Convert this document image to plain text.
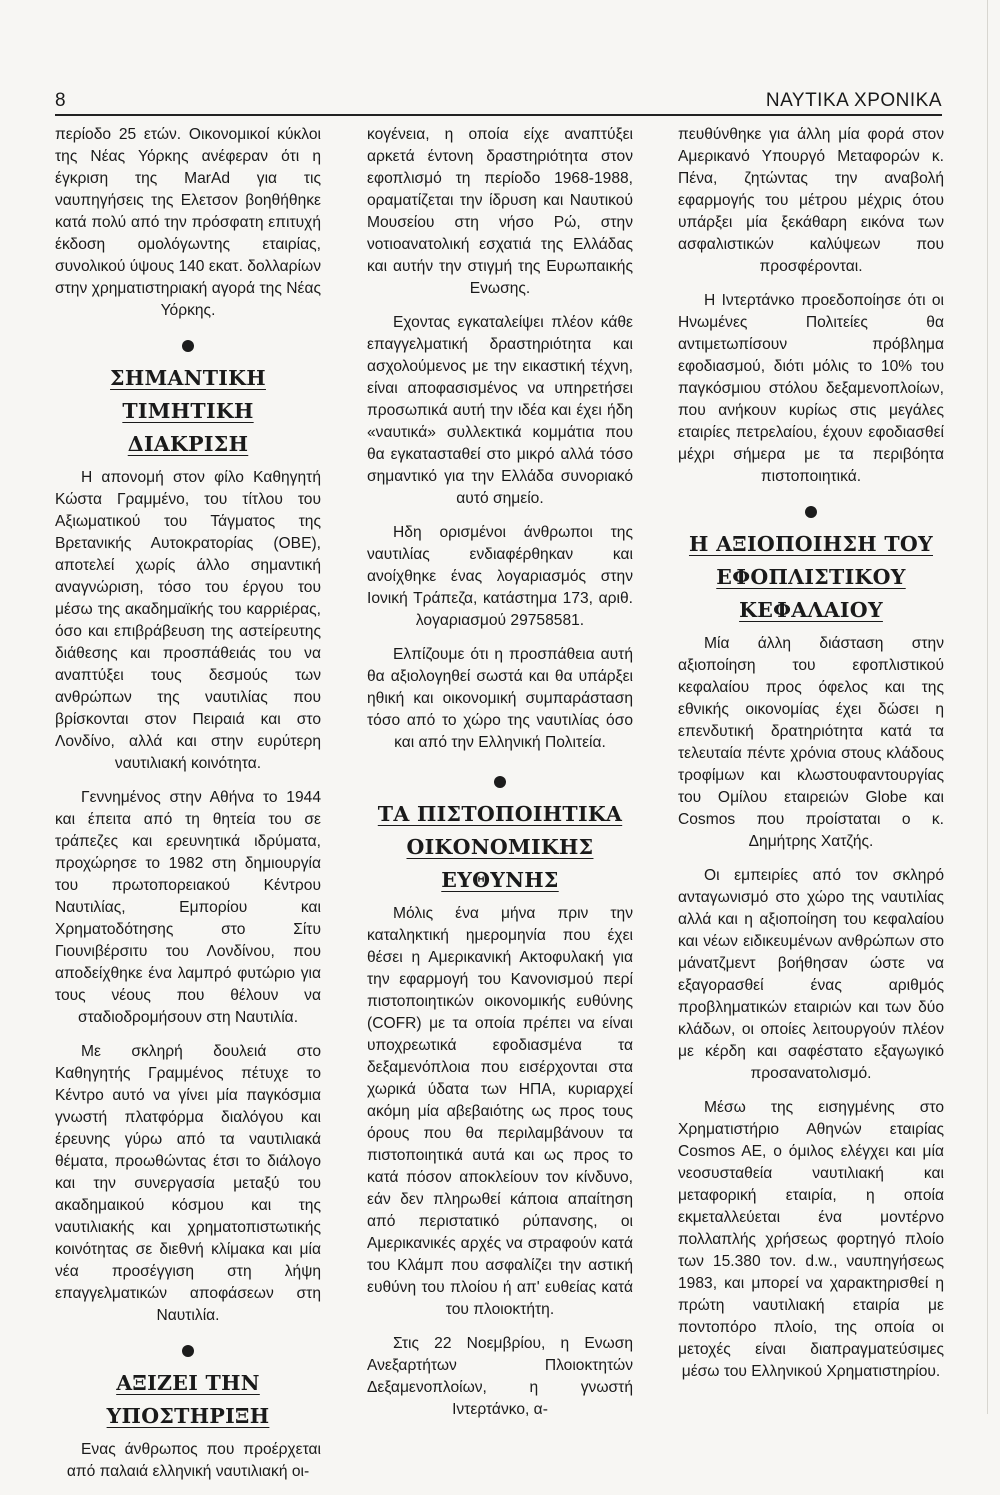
8	ΝΑΥΤΙΚΑ ΧΡΟΝΙΚΑ

περίοδο 25 ετών. Οικονομικοί κύκλοι της Νέας Υόρκης ανέφεραν ότι η έγκριση της MarAd για τις ναυπηγήσεις της Ελετσον βοηθήθηκε κατά πολύ από την πρόσφατη επιτυχή έκδοση ομολόγωντης εταιρίας, συνολικού ύψους 140 εκατ. δολλαρίων στην χρηματιστηριακή αγορά της Νέας Υόρκης.

ΣΗΜΑΝΤΙΚΗ ΤΙΜΗΤΙΚΗ
ΔΙΑΚΡΙΣΗ

Η απονομή στον φίλο Καθηγητή Κώστα Γραμμένο, του τίτλου του Αξιωματικού του Τάγματος της Βρετανικής Αυτοκρατορίας (ΟΒΕ), αποτελεί χωρίς άλλο σημαντική αναγνώριση, τόσο του έργου του μέσω της ακαδημαϊκής του καρριέρας, όσο και επιβράβευση της αστείρευτης διάθεσης και προσπάθειάς του να αναπτύξει τους δεσμούς των ανθρώπων της ναυτιλίας που βρίσκονται στον Πειραιά και στο Λονδίνο, αλλά και στην ευρύτερη ναυτιλιακή κοινότητα.

Γεννημένος στην Αθήνα το 1944 και έπειτα από τη θητεία του σε τράπεζες και ερευνητικά ιδρύματα, προχώρησε το 1982 στη δημιουργία του πρωτοπορειακού Κέντρου Ναυτιλίας, Εμπορίου και Χρηματοδότησης στο Σίτυ Γιουνιβέρσιτυ του Λονδίνου, που αποδείχθηκε ένα λαμπρό φυτώριο για τους νέους που θέλουν να σταδιοδρομήσουν στη Ναυτιλία.

Με σκληρή δουλειά στο Καθηγητής Γραμμένος πέτυχε το Κέντρο αυτό να γίνει μία παγκόσμια γνωστή πλατφόρμα διαλόγου και έρευνης γύρω από τα ναυτιλιακά θέματα, προωθώντας έτσι το διάλογο και την συνεργασία μεταξύ του ακαδημαικού κόσμου και της ναυτιλιακής και χρηματοπιστωτικής κοινότητας σε διεθνή κλίμακα και μία νέα προσέγγιση στη λήψη επαγγελματικών αποφάσεων στη Ναυτιλία.

ΑΞΙΖΕΙ ΤΗΝ ΥΠΟΣΤΗΡΙΞΗ

Ενας άνθρωπος που προέρχεται από παλαιά ελληνική ναυτιλιακή οι-

κογένεια, η οποία είχε αναπτύξει αρκετά έντονη δραστηριότητα στον εφοπλισμό τη περίοδο 1968-1988, οραματίζεται την ίδρυση και Ναυτικού Μουσείου στη νήσο Ρώ, στην νοτιοανατολική εσχατιά της Ελλάδας και αυτήν την στιγμή της Ευρωπαικής Ενωσης.

Εχοντας εγκαταλείψει πλέον κάθε επαγγελματική δραστηριότητα και ασχολούμενος με την εικαστική τέχνη, είναι αποφασισμένος να υπηρετήσει προσωπικά αυτή την ιδέα και έχει ήδη «ναυτικά» συλλεκτικά κομμάτια που θα εγκατασταθεί στο μικρό αλλά τόσο σημαντικό για την Ελλάδα συνοριακό αυτό σημείο.

Ηδη ορισμένοι άνθρωποι της ναυτιλίας ενδιαφέρθηκαν και ανοίχθηκε ένας λογαριασμός στην Ιονική Τράπεζα, κατάστημα 173, αριθ. λογαριασμού 29758581.

Ελπίζουμε ότι η προσπάθεια αυτή θα αξιολογηθεί σωστά και θα υπάρξει ηθική και οικονομική συμπαράσταση τόσο από το χώρο της ναυτιλίας όσο και από την Ελληνική Πολιτεία.

ΤΑ ΠΙΣΤΟΠΟΙΗΤΙΚΑ
ΟΙΚΟΝΟΜΙΚΗΣ ΕΥΘΥΝΗΣ

Μόλις ένα μήνα πριν την καταληκτική ημερομηνία που έχει θέσει η Αμερικανική Ακτοφυλακή για την εφαρμογή του Κανονισμού περί πιστοποιητικών οικονομικής ευθύνης (COFR) με τα οποία πρέπει να είναι υποχρεωτικά εφοδιασμένα τα δεξαμενόπλοια που εισέρχονται στα χωρικά ύδατα των ΗΠΑ, κυριαρχεί ακόμη μία αβεβαιότης ως προς τους όρους που θα περιλαμβάνουν τα πιστοποιητικά αυτά και ως προς το κατά πόσον αποκλείουν τον κίνδυνο, εάν δεν πληρωθεί κάποια απαίτηση από περιστατικό ρύπανσης, οι Αμερικανικές αρχές να στραφούν κατά του Κλάμπ που ασφαλίζει την αστική ευθύνη του πλοίου ή απ' ευθείας κατά του πλοιοκτήτη.

Στις 22 Νοεμβρίου, η Ενωση Ανεξαρτήτων Πλοιοκτητών Δεξαμενοπλοίων, η γνωστή Ιντερτάνκο, α-

πευθύνθηκε για άλλη μία φορά στον Αμερικανό Υπουργό Μεταφορών κ. Πένα, ζητώντας την αναβολή εφαρμογής του μέτρου μέχρις ότου υπάρξει μία ξεκάθαρη εικόνα των ασφαλιστικών καλύψεων που προσφέρονται.

Η Ιντερτάνκο προεδοποίησε ότι οι Ηνωμένες Πολιτείες θα αντιμετωπίσουν πρόβλημα εφοδιασμού, διότι μόλις το 10% του παγκόσμιου στόλου δεξαμενοπλοίων, που ανήκουν κυρίως στις μεγάλες εταιρίες πετρελαίου, έχουν εφοδιασθεί μέχρι σήμερα με τα περιβόητα πιστοποιητικά.

Η ΑΞΙΟΠΟΙΗΣΗ ΤΟΥ
ΕΦΟΠΛΙΣΤΙΚΟΥ
ΚΕΦΑΛΑΙΟΥ

Μία άλλη διάσταση στην αξιοποίηση του εφοπλιστικού κεφαλαίου προς όφελος και της εθνικής οικονομίας έχει δώσει η επενδυτική δρατηριότητα κατά τα τελευταία πέντε χρόνια στους κλάδους τροφίμων και κλωστουφαντουργίας του Ομίλου εταιρειών Globe και Cosmos που προίσταται ο κ. Δημήτρης Χατζής.

Οι εμπειρίες από τον σκληρό ανταγωνισμό στο χώρο της ναυτιλίας αλλά και η αξιοποίηση του κεφαλαίου και νέων ειδικευμένων ανθρώπων στο μάνατζμεντ βοήθησαν ώστε να εξαγορασθεί ένας αριθμός προβληματικών εταιριών και των δύο κλάδων, οι οποίες λειτουργούν πλέον με κέρδη και σαφέστατο εξαγωγικό προσανατολισμό.

Μέσω της εισηγμένης στο Χρηματιστήριο Αθηνών εταιρίας Cosmos AE, ο όμιλος ελέγχει και μία νεοσυσταθεία ναυτιλιακή και μεταφορική εταιρία, η οποία εκμεταλλεύεται ένα μοντέρνο πολλαπλής χρήσεως φορτηγό πλοίο των 15.380 τον. d.w., ναυπηγήσεως 1983, και μπορεί να χαρακτηρισθεί η πρώτη ναυτιλιακή εταιρία με ποντοπόρο πλοίο, της οποία οι μετοχές είναι διαπραγματεύσιμες μέσω του Ελληνικού Χρηματιστηρίου.
